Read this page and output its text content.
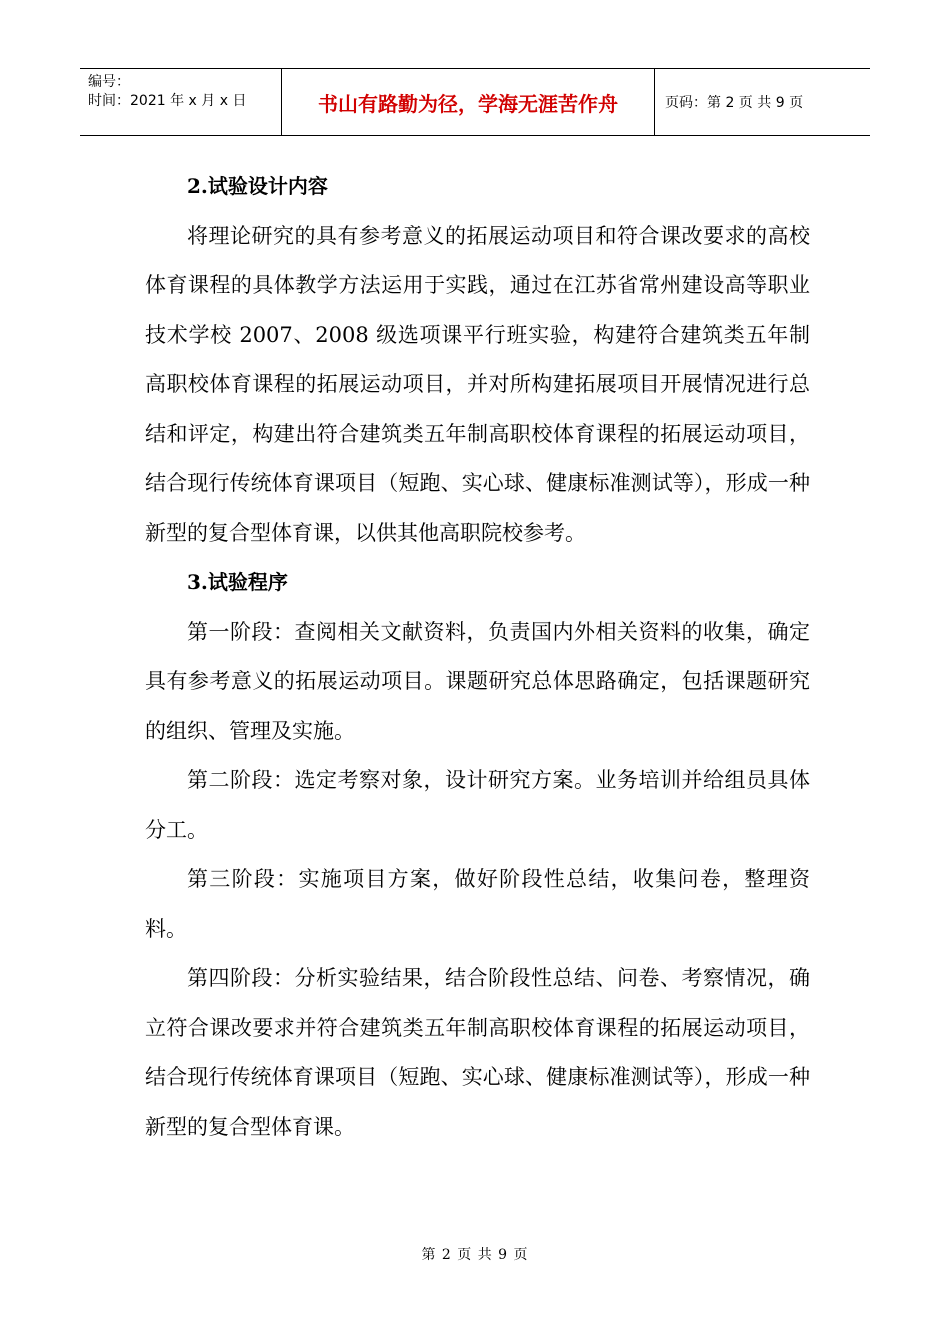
编号：
时间：2021 年 x 月 x 日	书山有路勤为径，学海无涯苦作舟	页码：第 2 页 共 9 页
2.试验设计内容

将理论研究的具有参考意义的拓展运动项目和符合课改要求的高校体育课程的具体教学方法运用于实践，通过在江苏省常州建设高等职业技术学校 2007、2008 级选项课平行班实验，构建符合建筑类五年制高职校体育课程的拓展运动项目，并对所构建拓展项目开展情况进行总结和评定，构建出符合建筑类五年制高职校体育课程的拓展运动项目，结合现行传统体育课项目（短跑、实心球、健康标准测试等），形成一种新型的复合型体育课，以供其他高职院校参考。

3.试验程序

第一阶段：查阅相关文献资料，负责国内外相关资料的收集，确定具有参考意义的拓展运动项目。课题研究总体思路确定，包括课题研究的组织、管理及实施。

第二阶段：选定考察对象，设计研究方案。业务培训并给组员具体分工。

第三阶段：实施项目方案，做好阶段性总结，收集问卷，整理资料。

第四阶段：分析实验结果，结合阶段性总结、问卷、考察情况，确立符合课改要求并符合建筑类五年制高职校体育课程的拓展运动项目，结合现行传统体育课项目（短跑、实心球、健康标准测试等），形成一种新型的复合型体育课。

第 2 页 共 9 页
